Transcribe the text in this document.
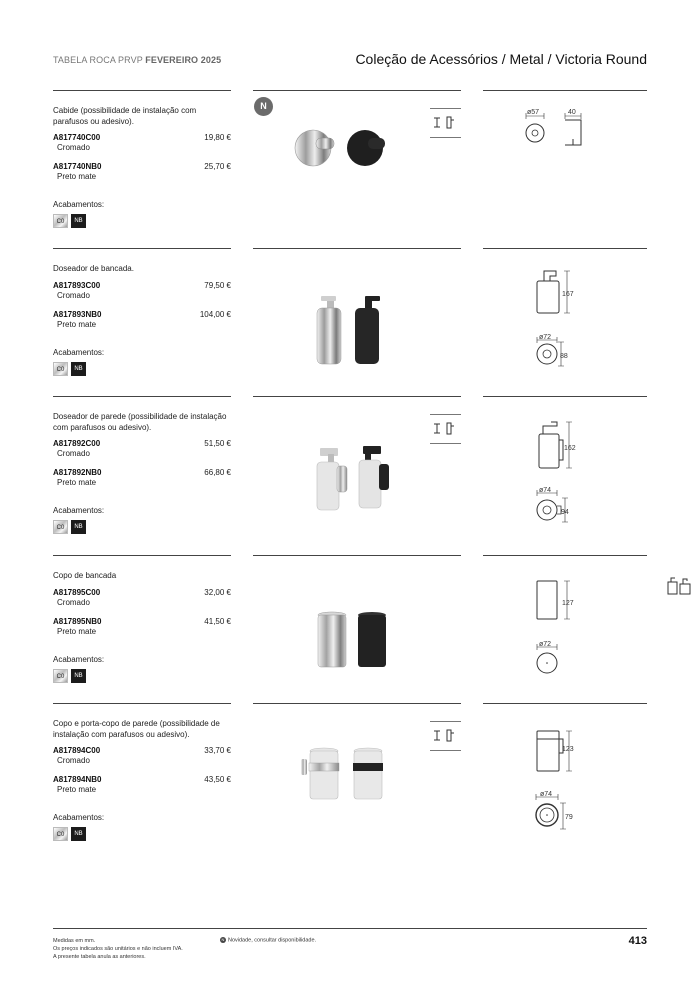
TABELA ROCA PRVP FEVEREIRO 2025	Coleção de Acessórios / Metal / Victoria Round
Cabide (possibilidade de instalação com parafusos ou adesivo).
A817740C00	19,80 €
Cromado
A817740NB0	25,70 €
Preto mate
Acabamentos:
C0	NB
ø57	40
N
Doseador de bancada.
A817893C00	79,50 €
Cromado
A817893NB0	104,00 €
Preto mate
Acabamentos:
C0	NB
167
ø72
88
Doseador de parede (possibilidade de instalação com parafusos ou adesivo).
A817892C00	51,50 €
Cromado
A817892NB0	66,80 €
Preto mate
Acabamentos:
C0	NB
162
ø74
94
Copo de bancada
A817895C00	32,00 €
Cromado
A817895NB0	41,50 €
Preto mate
Acabamentos:
C0	NB
127
ø72
Copo e porta-copo de parede (possibilidade de instalação com parafusos ou adesivo).
A817894C00	33,70 €
Cromado
A817894NB0	43,50 €
Preto mate
Acabamentos:
C0	NB
123
ø74
79
Medidas em mm.
Os preços indicados são unitários e não incluem IVA.
A presente tabela anula as anteriores.
N Novidade, consultar disponibilidade.	413
